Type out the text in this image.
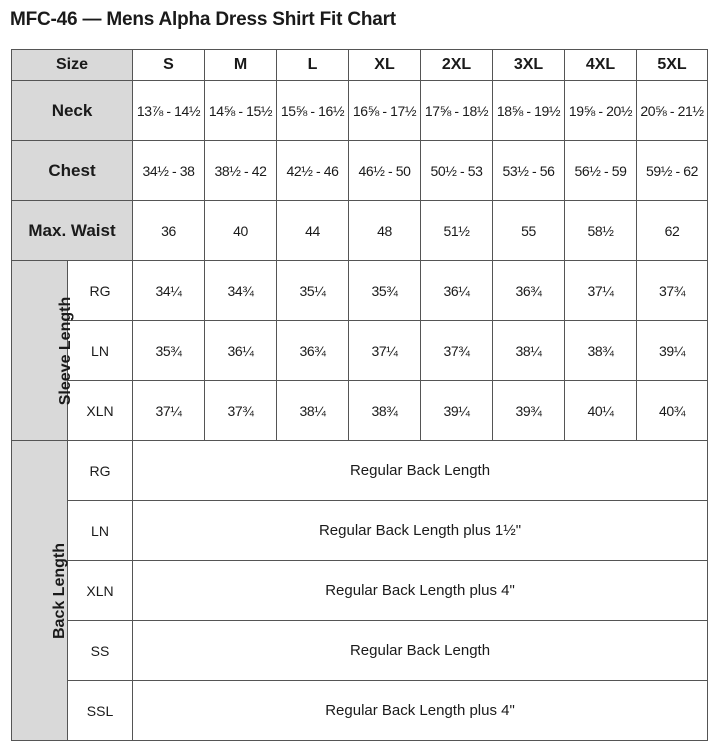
MFC-46 — Mens Alpha Dress Shirt Fit Chart
Size		S	M	L	XL	2XL	3XL	4XL	5XL
Neck		13⅞ - 14½	14⅝ - 15½	15⅝ - 16½	16⅝ - 17½	17⅝ - 18½	18⅝ - 19½	19⅝ - 20½	20⅝ - 21½
Chest		34½ - 38	38½ - 42	42½ - 46	46½ - 50	50½ - 53	53½ - 56	56½ - 59	59½ - 62
Max. Waist		36	40	44	48	51½	55	58½	62
Sleeve Length	RG	34¼	34¾	35¼	35¾	36¼	36¾	37¼	37¾
	LN	35¾	36¼	36¾	37¼	37¾	38¼	38¾	39¼
	XLN	37¼	37¾	38¼	38¾	39¼	39¾	40¼	40¾
Back Length	RG	Regular Back Length							
	LN	Regular Back Length plus 1½"							
	XLN	Regular Back Length plus 4"							
	SS	Regular Back Length							
	SSL	Regular Back Length plus 4"							
